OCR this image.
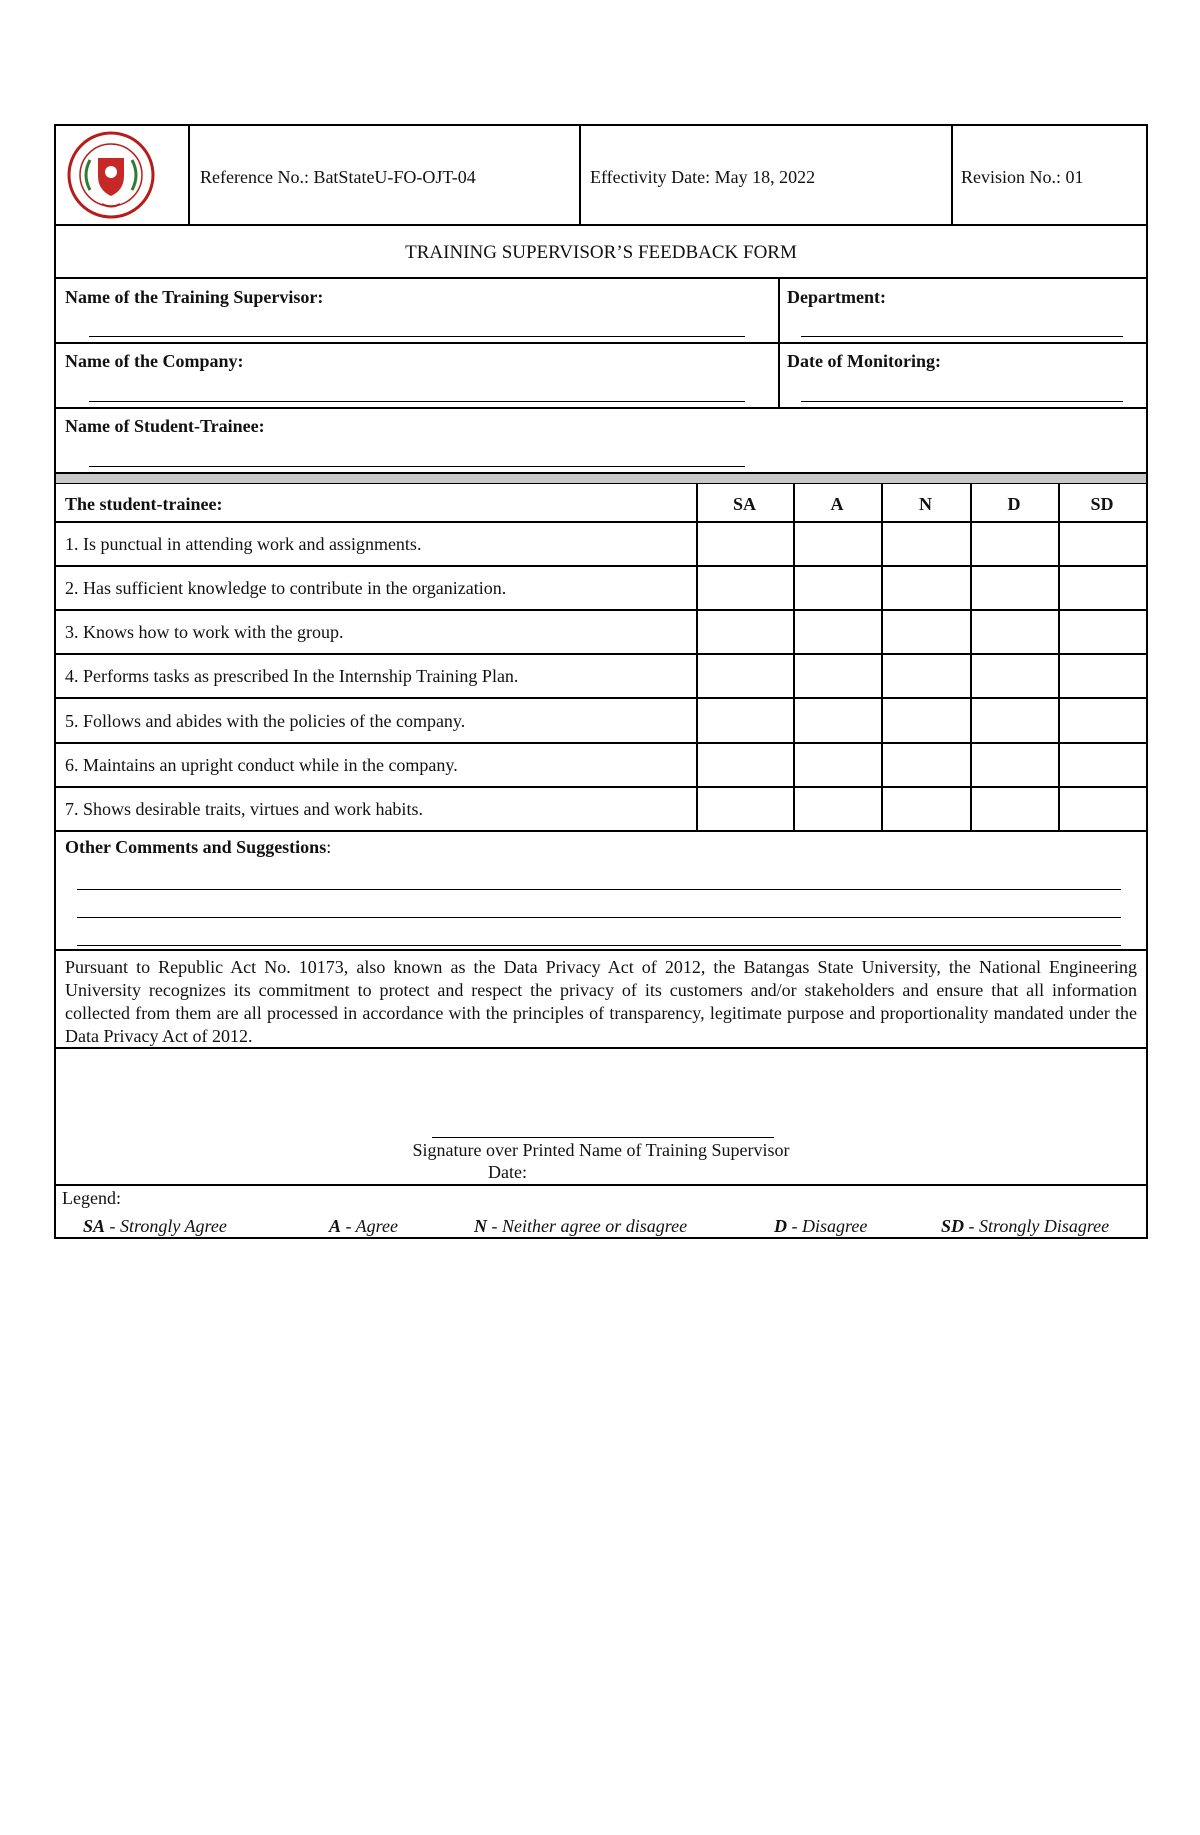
Reference No.: BatStateU-FO-OJT-04	Effectivity Date: May 18, 2022	Revision No.: 01
TRAINING SUPERVISOR’S FEEDBACK FORM
Name of the Training Supervisor:	Department:
Name of the Company:	Date of Monitoring:
Name of Student-Trainee:
The student-trainee:	SA	A	N	D	SD
1. Is punctual in attending work and assignments.
2. Has sufficient knowledge to contribute in the organization.
3. Knows how to work with the group.
4. Performs tasks as prescribed In the Internship Training Plan.
5. Follows and abides with the policies of the company.
6. Maintains an upright conduct while in the company.
7. Shows desirable traits, virtues and work habits.
Other Comments and Suggestions:
Pursuant to Republic Act No. 10173, also known as the Data Privacy Act of 2012, the Batangas State University, the National Engineering University recognizes its commitment to protect and respect the privacy of its customers and/or stakeholders and ensure that all information collected from them are all processed in accordance with the principles of transparency, legitimate purpose and proportionality mandated under the Data Privacy Act of 2012.
Signature over Printed Name of Training Supervisor
Date:
Legend:
SA - Strongly Agree	A - Agree	N - Neither agree or disagree	D - Disagree	SD - Strongly Disagree
